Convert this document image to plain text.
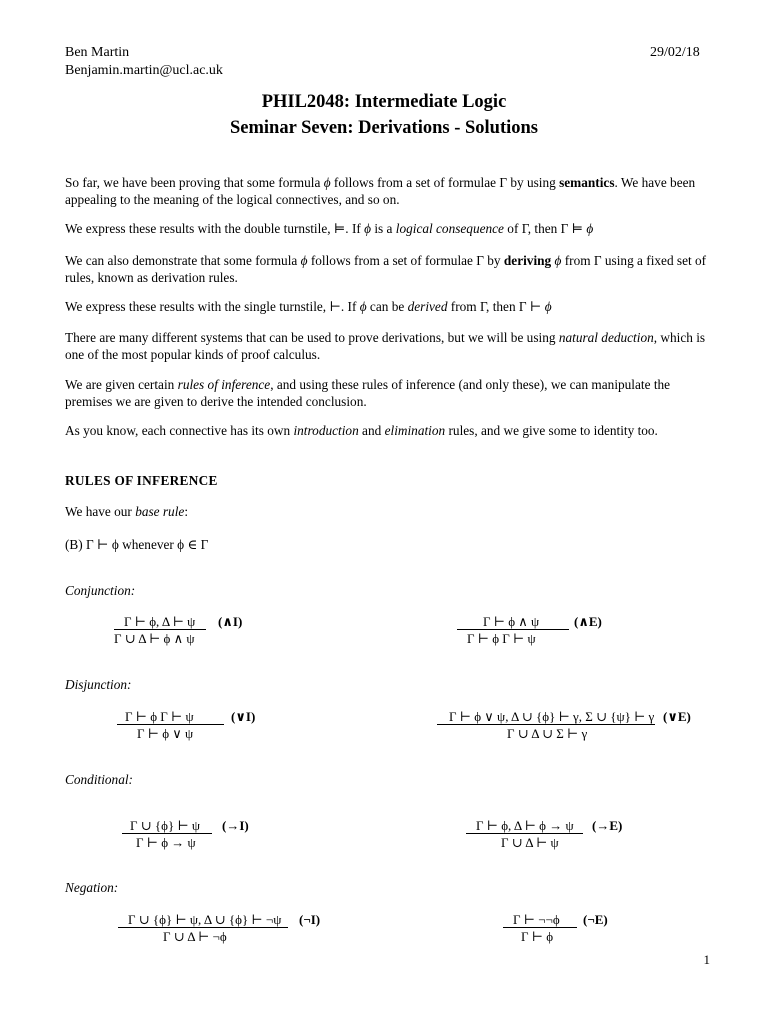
Ben Martin
Benjamin.martin@ucl.ac.uk
29/02/18
PHIL2048: Intermediate Logic
Seminar Seven: Derivations - Solutions
So far, we have been proving that some formula ϕ follows from a set of formulae Γ by using semantics. We have been appealing to the meaning of the logical connectives, and so on.
We express these results with the double turnstile, ⊨. If ϕ is a logical consequence of Γ, then Γ ⊨ ϕ
We can also demonstrate that some formula ϕ follows from a set of formulae Γ by deriving ϕ from Γ using a fixed set of rules, known as derivation rules.
We express these results with the single turnstile, ⊢. If ϕ can be derived from Γ, then Γ ⊢ ϕ
There are many different systems that can be used to prove derivations, but we will be using natural deduction, which is one of the most popular kinds of proof calculus.
We are given certain rules of inference, and using these rules of inference (and only these), we can manipulate the premises we are given to derive the intended conclusion.
As you know, each connective has its own introduction and elimination rules, and we give some to identity too.
RULES OF INFERENCE
We have our base rule:
(B) Γ ⊢ ϕ whenever ϕ ∈ Γ
Conjunction:
Γ ⊢ ϕ, Δ ⊢ ψ
Γ ∪ Δ ⊢ ϕ ∧ ψ
(∧I)	Γ ⊢ ϕ ∧ ψ
Γ ⊢ ϕ Γ ⊢ ψ
(∧E)
Disjunction:
Γ ⊢ ϕ Γ ⊢ ψ
Γ ⊢ ϕ ∨ ψ
(∨I)	Γ ⊢ ϕ ∨ ψ, Δ ∪ {ϕ} ⊢ γ, Σ ∪ {ψ} ⊢ γ
Γ ∪ Δ ∪ Σ ⊢ γ
(∨E)
Conditional:
Γ ∪ {ϕ} ⊢ ψ
Γ ⊢ ϕ → ψ
(→I)	Γ ⊢ ϕ, Δ ⊢ ϕ → ψ
Γ ∪ Δ ⊢ ψ
(→E)
Negation:
Γ ∪ {ϕ} ⊢ ψ, Δ ∪ {ϕ} ⊢ ¬ψ
Γ ∪ Δ ⊢ ¬ϕ
(¬I)	Γ ⊢ ¬¬ϕ
Γ ⊢ ϕ
(¬E)
1
